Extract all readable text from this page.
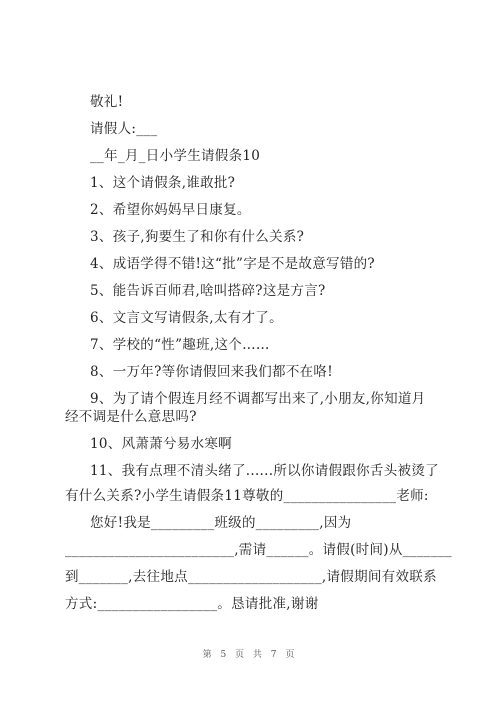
敬礼!
请假人:___
__年_月_日小学生请假条10
1、这个请假条,谁敢批?
2、希望你妈妈早日康复。
3、孩子,狗要生了和你有什么关系?
4、成语学得不错!这“批”字是不是故意写错的?
5、能告诉百师君,啥叫搭碎?这是方言?
6、文言文写请假条,太有才了。
7、学校的“性”趣班,这个……
8、一万年?等你请假回来我们都不在咯!
9、为了请个假连月经不调都写出来了,小朋友,你知道月
经不调是什么意思吗?
10、风萧萧兮易水寒啊
11、我有点理不清头绪了......所以你请假跟你舌头被烫了
有什么关系?小学生请假条11尊敬的________________老师:
您好!我是_________班级的_________,因为
________________________,需请______。请假(时间)从_______
到_______,去往地点___________________,请假期间有效联系
方式:_________________。恳请批准,谢谢
第 5 页 共 7 页
